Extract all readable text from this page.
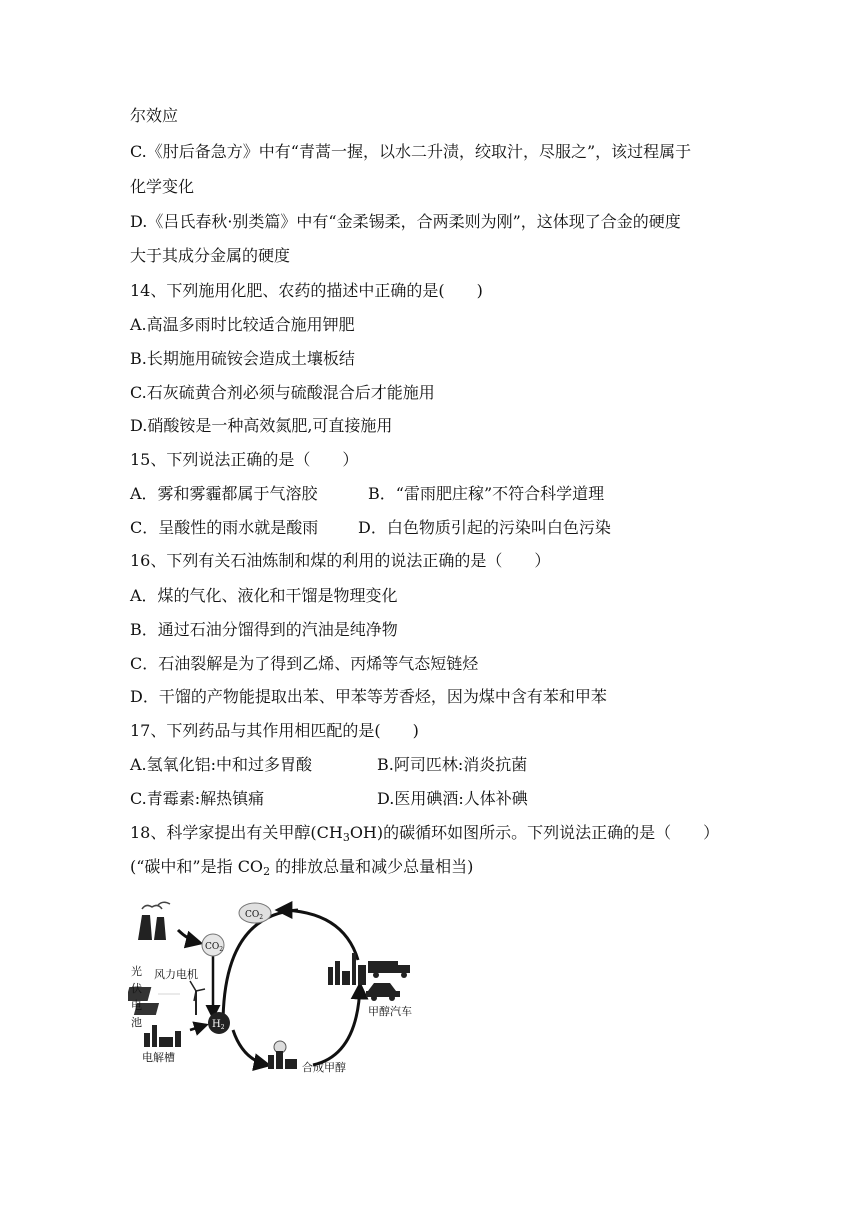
尔效应
C.《肘后备急方》中有“青蒿一握，以水二升渍，绞取汁，尽服之”，该过程属于
化学变化
D.《吕氏春秋·别类篇》中有“金柔锡柔，合两柔则为刚”，这体现了合金的硬度
大于其成分金属的硬度
14、下列施用化肥、农药的描述中正确的是(　　)
A.高温多雨时比较适合施用钾肥
B.长期施用硫铵会造成土壤板结
C.石灰硫黄合剂必须与硫酸混合后才能施用
D.硝酸铵是一种高效氮肥,可直接施用
15、下列说法正确的是（　　）
A．雾和雾霾都属于气溶胶	B．“雷雨肥庄稼”不符合科学道理
C．呈酸性的雨水就是酸雨 D．白色物质引起的污染叫白色污染
16、下列有关石油炼制和煤的利用的说法正确的是（　　）
A．煤的气化、液化和干馏是物理变化
B．通过石油分馏得到的汽油是纯净物
C．石油裂解是为了得到乙烯、丙烯等气态短链烃
D．干馏的产物能提取出苯、甲苯等芳香烃，因为煤中含有苯和甲苯
17、下列药品与其作用相匹配的是(　　)
A.氢氧化铝:中和过多胃酸	B.阿司匹林:消炎抗菌
C.青霉素:解热镇痛	D.医用碘酒:人体补碘
18、科学家提出有关甲醇$(CH_3OH)$的碳循环如图所示。下列说法正确的是（　　）
(“碳中和”是指 $CO_2$ 的排放总量和减少总量相当)
$CO_2$
$CO_2$
$H_2$
风力电机
光
伏
电
池
电解槽
合成甲醇
甲醇汽车
